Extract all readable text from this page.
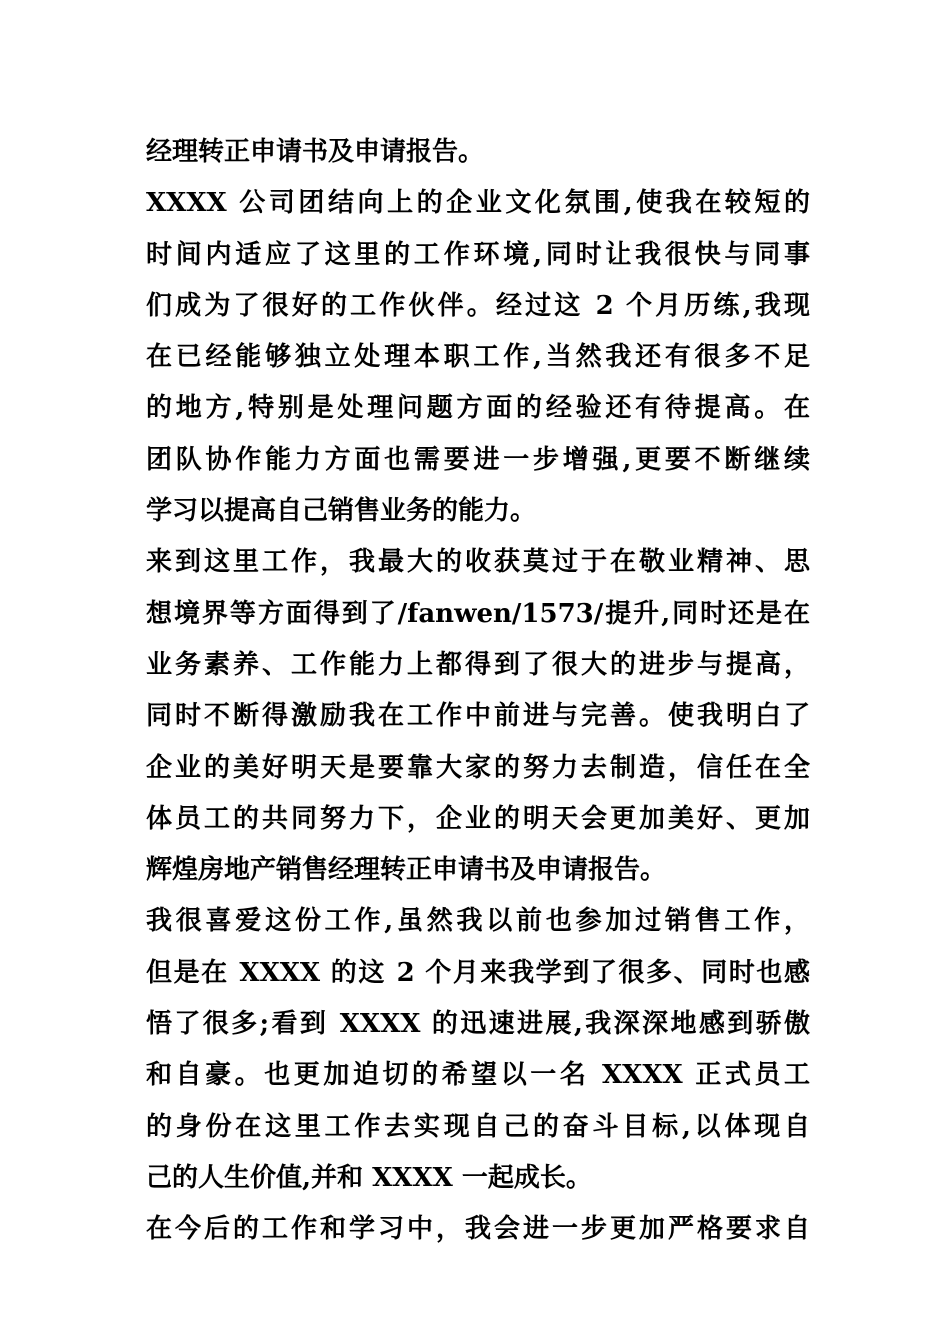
经理转正申请书及申请报告。
XXXX 公司团结向上的企业文化氛围,使我在较短的
时间内适应了这里的工作环境,同时让我很快与同事
们成为了很好的工作伙伴。经过这 2 个月历练,我现
在已经能够独立处理本职工作,当然我还有很多不足
的地方,特别是处理问题方面的经验还有待提高。在
团队协作能力方面也需要进一步增强,更要不断继续
学习以提高自己销售业务的能力。
来到这里工作，我最大的收获莫过于在敬业精神、思
想境界等方面得到了/fanwen/1573/提升,同时还是在
业务素养、工作能力上都得到了很大的进步与提高，
同时不断得激励我在工作中前进与完善。使我明白了
企业的美好明天是要靠大家的努力去制造，信任在全
体员工的共同努力下，企业的明天会更加美好、更加
辉煌房地产销售经理转正申请书及申请报告。
我很喜爱这份工作,虽然我以前也参加过销售工作，
但是在 XXXX 的这 2 个月来我学到了很多、同时也感
悟了很多;看到 XXXX 的迅速进展,我深深地感到骄傲
和自豪。也更加迫切的希望以一名 XXXX 正式员工
的身份在这里工作去实现自己的奋斗目标,以体现自
己的人生价值,并和 XXXX 一起成长。
在今后的工作和学习中，我会进一步更加严格要求自
